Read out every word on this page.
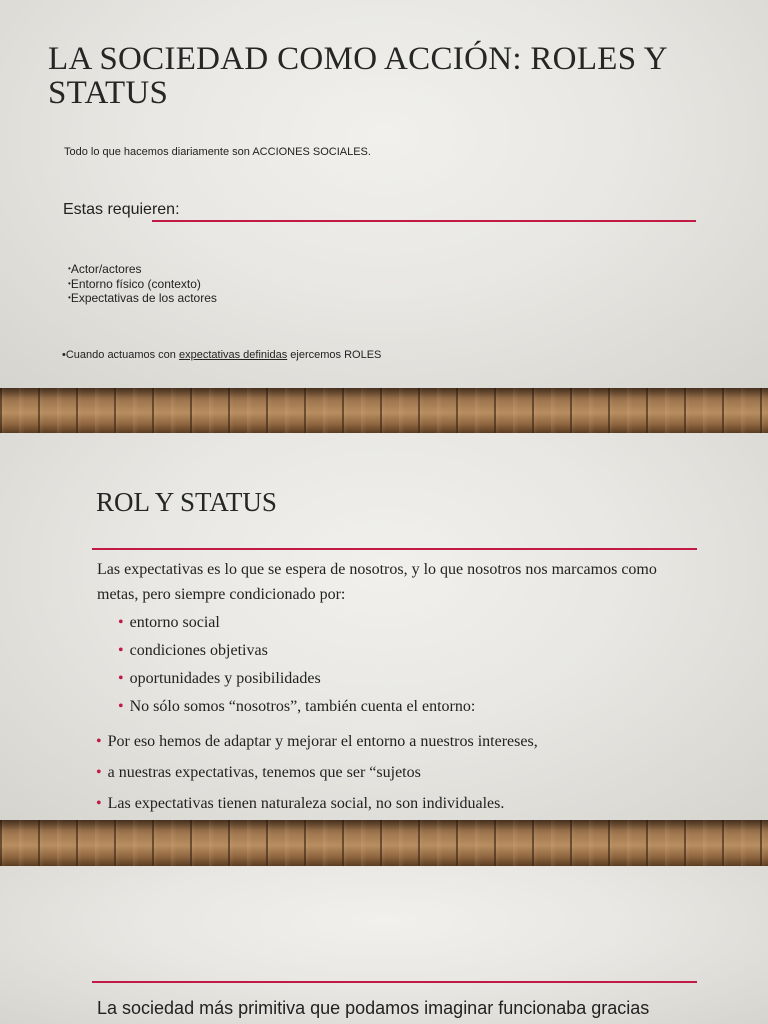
LA SOCIEDAD COMO ACCIÓN: ROLES Y STATUS
Todo lo que hacemos diariamente son ACCIONES SOCIALES.
Estas requieren:
•Actor/actores
•Entorno físico (contexto)
•Expectativas de los actores
•Cuando actuamos con expectativas definidas ejercemos ROLES
ROL Y STATUS
Las expectativas es lo que se espera de nosotros, y lo que nosotros nos marcamos como metas, pero siempre condicionado por:
• entorno social
• condiciones objetivas
• oportunidades y posibilidades
• No sólo somos “nosotros”, también cuenta el entorno:
• Por eso hemos de adaptar y mejorar el entorno a nuestros intereses,
• a nuestras expectativas, tenemos que ser “sujetos
• Las expectativas tienen naturaleza social, no son individuales.
La sociedad más primitiva que podamos imaginar funcionaba gracias
